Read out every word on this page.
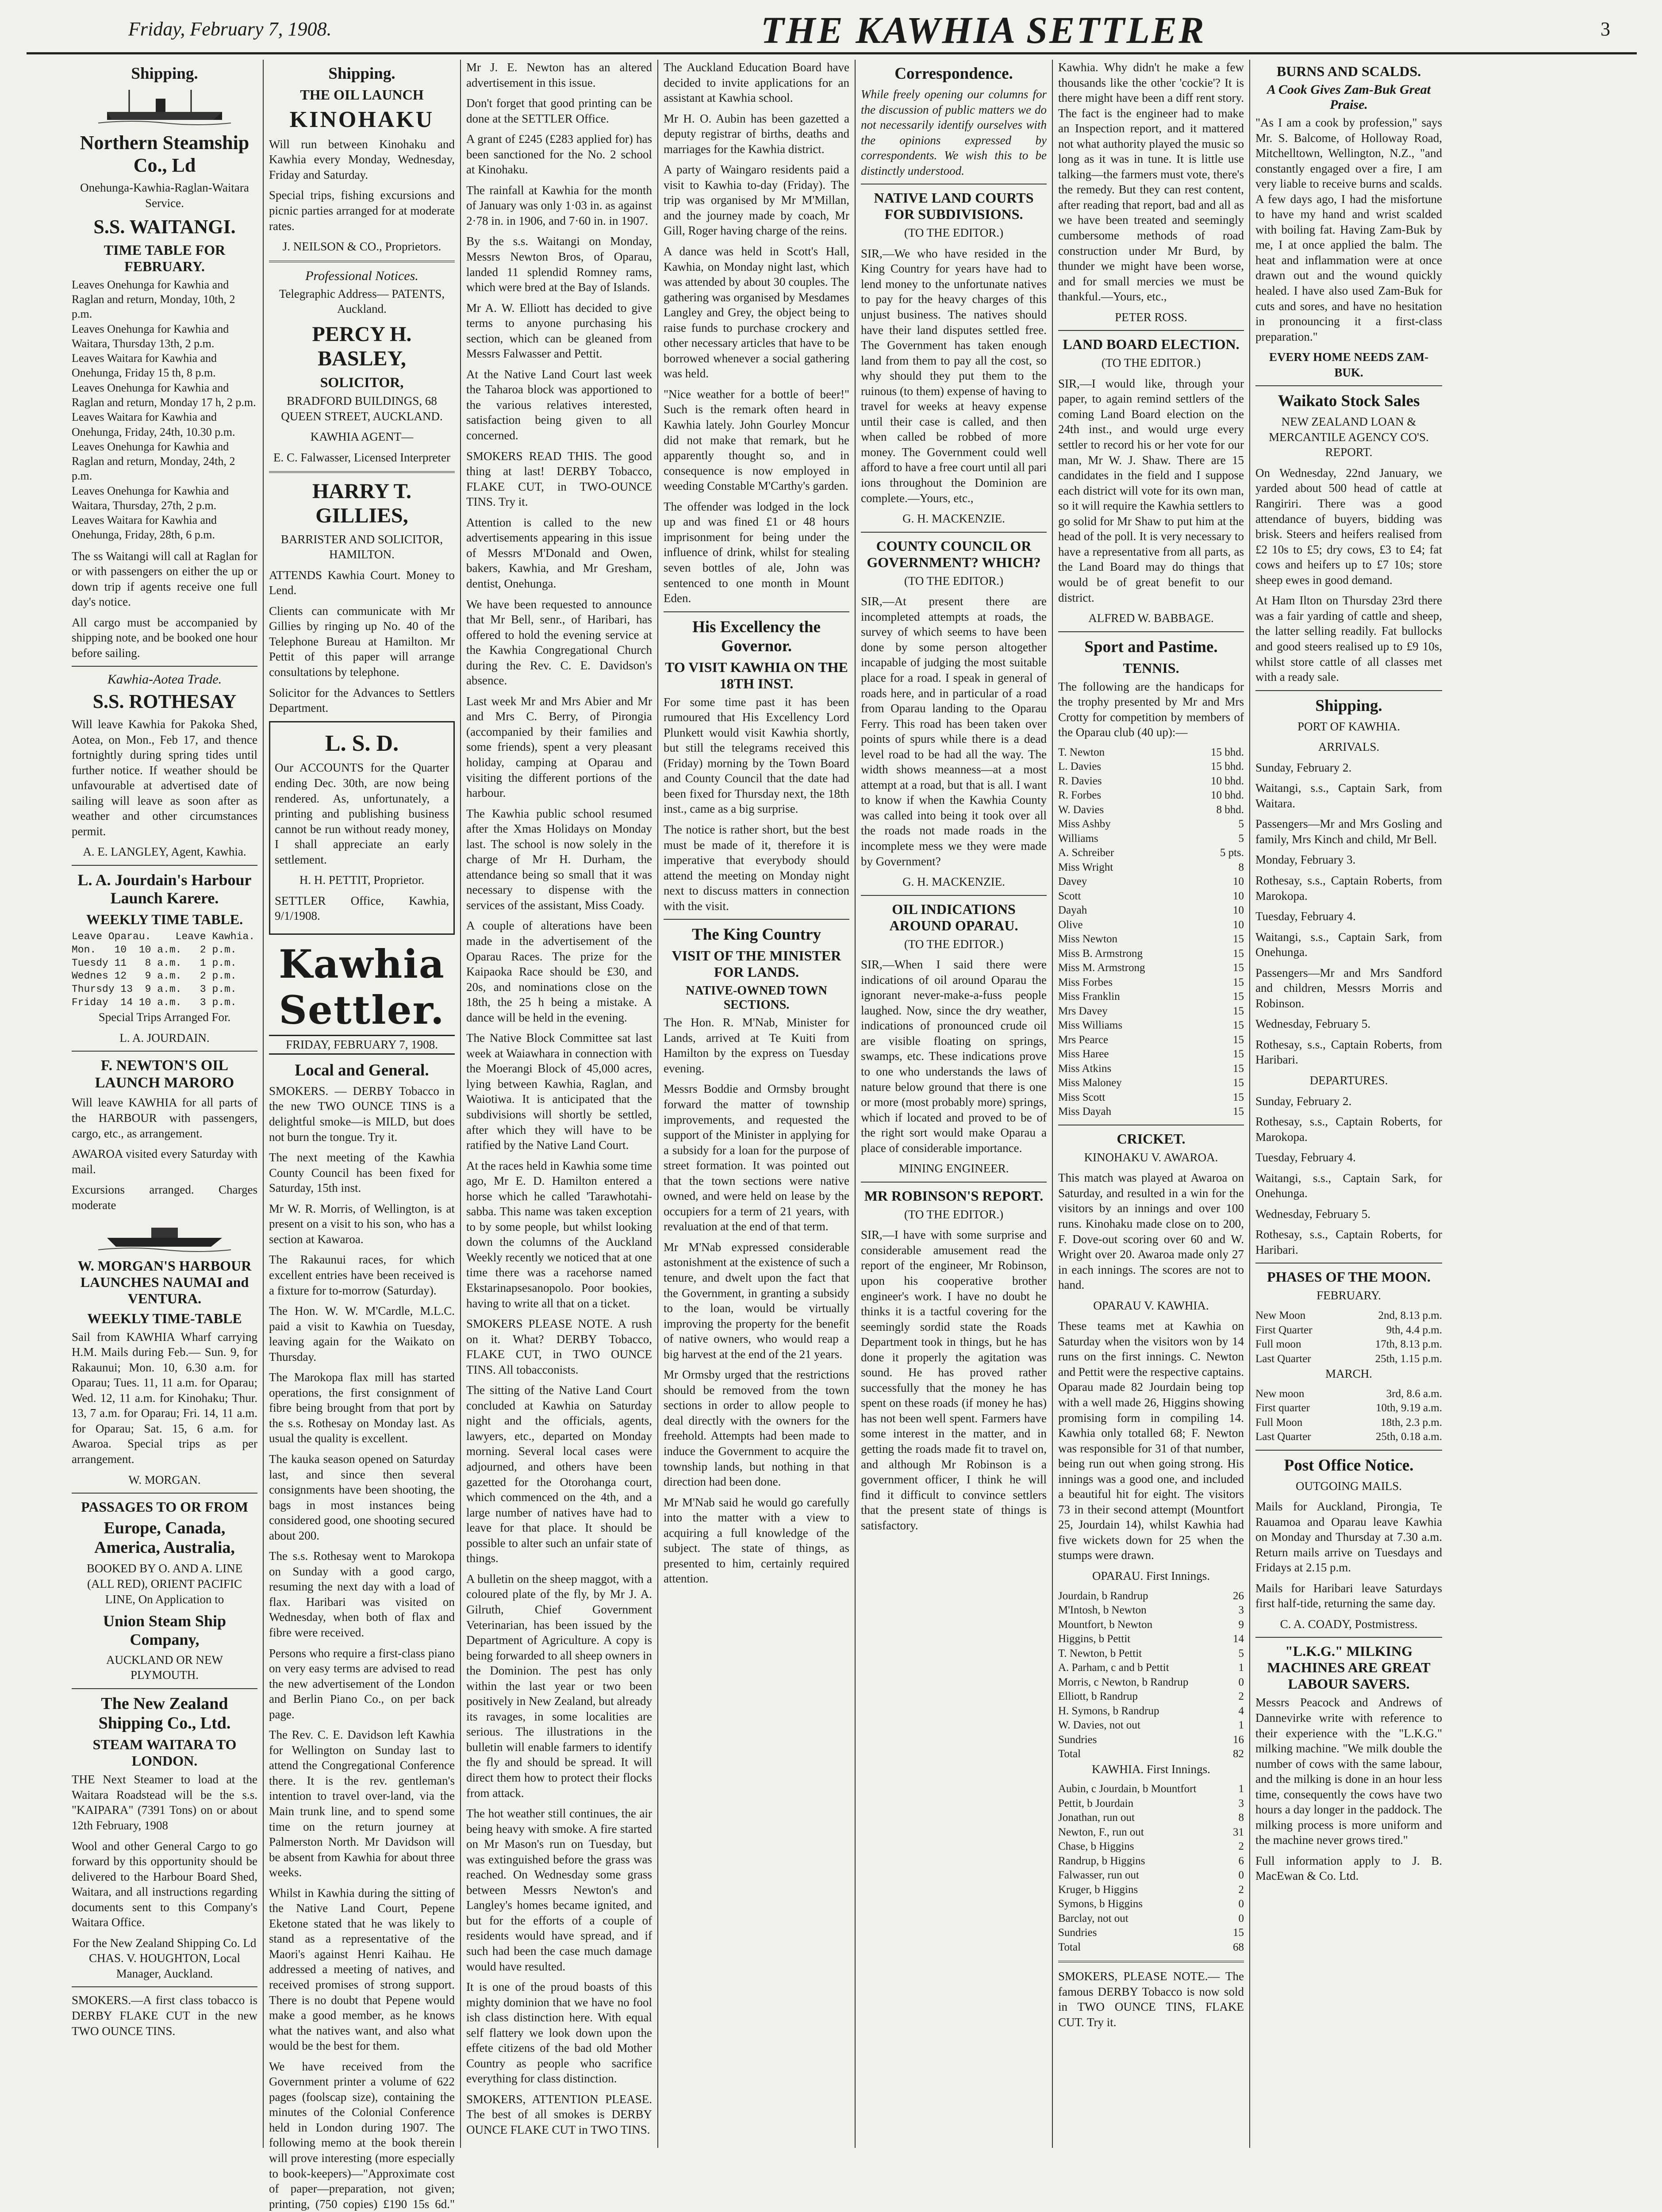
Friday, February 7, 1908.	THE KAWHIA SETTLER	3
Shipping.
Northern Steamship Co., Ld

Onehunga-Kawhia-Raglan-Waitara Service.

S.S. WAITANGI.
TIME TABLE FOR FEBRUARY.
Leaves Onehunga for Kawhia and Raglan and return, Monday, 10th, 2 p.m.
Leaves Onehunga for Kawhia and Waitara, Thursday 13th, 2 p.m.
Leaves Waitara for Kawhia and Onehunga, Friday 15 th, 8 p.m.
Leaves Onehunga for Kawhia and Raglan and return, Monday 17 h, 2 p.m.
Leaves Waitara for Kawhia and Onehunga, Friday, 24th, 10.30 p.m.
Leaves Onehunga for Kawhia and Raglan and return, Monday, 24th, 2 p.m.
Leaves Onehunga for Kawhia and Waitara, Thursday, 27th, 2 p.m.
Leaves Waitara for Kawhia and Onehunga, Friday, 28th, 6 p.m.

The ss Waitangi will call at Raglan for or with passengers on either the up or down trip if agents receive one full day's notice.

All cargo must be accompanied by shipping note, and be booked one hour before sailing.

Kawhia-Aotea Trade.
S.S. ROTHESAY

Will leave Kawhia for Pakoka Shed, Aotea, on Mon., Feb 17, and thence fortnightly during spring tides until further notice. If weather should be unfavourable at advertised date of sailing will leave as soon after as weather and other circumstances permit.

A. E. LANGLEY, Agent, Kawhia.

L. A. Jourdain's Harbour Launch Karere.
WEEKLY TIME TABLE.
Leave Oparau.    Leave Kawhia.
Mon.   10  10 a.m.   2 p.m.
Tuesdy 11   8 a.m.   1 p.m.
Wednes 12   9 a.m.   2 p.m.
Thursdy 13  9 a.m.   3 p.m.
Friday  14 10 a.m.   3 p.m.

Special Trips Arranged For.

L. A. JOURDAIN.

F. NEWTON'S OIL LAUNCH MARORO

Will leave KAWHIA for all parts of the HARBOUR with passengers, cargo, etc., as arrangement.

AWAROA visited every Saturday with mail.

Excursions arranged. Charges moderate

W. MORGAN'S HARBOUR LAUNCHES NAUMAI and VENTURA.
WEEKLY TIME-TABLE

Sail from KAWHIA Wharf carrying H.M. Mails during Feb.— Sun. 9, for Rakaunui; Mon. 10, 6.30 a.m. for Oparau; Tues. 11, 11 a.m. for Oparau; Wed. 12, 11 a.m. for Kinohaku; Thur. 13, 7 a.m. for Oparau; Fri. 14, 11 a.m. for Oparau; Sat. 15, 6 a.m. for Awaroa. Special trips as per arrangement.

W. MORGAN.

PASSAGES TO OR FROM
Europe, Canada, America, Australia,

BOOKED BY O. AND A. LINE (ALL RED), ORIENT PACIFIC LINE, On Application to

Union Steam Ship Company,

AUCKLAND OR NEW PLYMOUTH.

The New Zealand Shipping Co., Ltd.
STEAM WAITARA TO LONDON.

THE Next Steamer to load at the Waitara Roadstead will be the s.s. "KAIPARA" (7391 Tons) on or about 12th February, 1908

Wool and other General Cargo to go forward by this opportunity should be delivered to the Harbour Board Shed, Waitara, and all instructions regarding documents sent to this Company's Waitara Office.

For the New Zealand Shipping Co. Ld CHAS. V. HOUGHTON, Local Manager, Auckland.

SMOKERS.—A first class tobacco is DERBY FLAKE CUT in the new TWO OUNCE TINS.

Shipping.
THE OIL LAUNCH
KINOHAKU

Will run between Kinohaku and Kawhia every Monday, Wednesday, Friday and Saturday.

Special trips, fishing excursions and picnic parties arranged for at moderate rates.

J. NEILSON & CO., Proprietors.

Professional Notices.

Telegraphic Address— PATENTS, Auckland.

PERCY H. BASLEY,
SOLICITOR,

BRADFORD BUILDINGS, 68 QUEEN STREET, AUCKLAND.

KAWHIA AGENT—

E. C. Falwasser, Licensed Interpreter

HARRY T. GILLIES,

BARRISTER AND SOLICITOR, HAMILTON.

ATTENDS Kawhia Court. Money to Lend.

Clients can communicate with Mr Gillies by ringing up No. 40 of the Telephone Bureau at Hamilton. Mr Pettit of this paper will arrange consultations by telephone.

Solicitor for the Advances to Settlers Department.

L. S. D.

Our ACCOUNTS for the Quarter ending Dec. 30th, are now being rendered. As, unfortunately, a printing and publishing business cannot be run without ready money, I shall appreciate an early settlement.

H. H. PETTIT, Proprietor.

SETTLER Office, Kawhia, 9/1/1908.

Kawhia Settler.
FRIDAY, FEBRUARY 7, 1908.
Local and General.

SMOKERS. — DERBY Tobacco in the new TWO OUNCE TINS is a delightful smoke—is MILD, but does not burn the tongue. Try it.

The next meeting of the Kawhia County Council has been fixed for Saturday, 15th inst.

Mr W. R. Morris, of Wellington, is at present on a visit to his son, who has a section at Kawaroa.

The Rakaunui races, for which excellent entries have been received is a fixture for to-morrow (Saturday).

The Hon. W. W. M'Cardle, M.L.C. paid a visit to Kawhia on Tuesday, leaving again for the Waikato on Thursday.

The Marokopa flax mill has started operations, the first consignment of fibre being brought from that port by the s.s. Rothesay on Monday last. As usual the quality is excellent.

The kauka season opened on Saturday last, and since then several consignments have been shooting, the bags in most instances being considered good, one shooting secured about 200.

The s.s. Rothesay went to Marokopa on Sunday with a good cargo, resuming the next day with a load of flax. Haribari was visited on Wednesday, when both of flax and fibre were received.

Persons who require a first-class piano on very easy terms are advised to read the new advertisement of the London and Berlin Piano Co., on per back page.

The Rev. C. E. Davidson left Kawhia for Wellington on Sunday last to attend the Congregational Conference there. It is the rev. gentleman's intention to travel over-land, via the Main trunk line, and to spend some time on the return journey at Palmerston North. Mr Davidson will be absent from Kawhia for about three weeks.

Whilst in Kawhia during the sitting of the Native Land Court, Pepene Eketone stated that he was likely to stand as a representative of the Maori's against Henri Kaihau. He addressed a meeting of natives, and received promises of strong support. There is no doubt that Pepene would make a good member, as he knows what the natives want, and also what would be the best for them.

We have received from the Government printer a volume of 622 pages (foolscap size), containing the minutes of the Colonial Conference held in London during 1907. The following memo at the book therein will prove interesting (more especially to book-keepers)—"Approximate cost of paper—preparation, not given; printing, (750 copies) £190 15s 6d."

Mr J. E. Newton has an altered advertisement in this issue.

Don't forget that good printing can be done at the SETTLER Office.

A grant of £245 (£283 applied for) has been sanctioned for the No. 2 school at Kinohaku.

The rainfall at Kawhia for the month of January was only 1·03 in. as against 2·78 in. in 1906, and 7·60 in. in 1907.

By the s.s. Waitangi on Monday, Messrs Newton Bros, of Oparau, landed 11 splendid Romney rams, which were bred at the Bay of Islands.

Mr A. W. Elliott has decided to give terms to anyone purchasing his section, which can be gleaned from Messrs Falwasser and Pettit.

At the Native Land Court last week the Taharoa block was apportioned to the various relatives interested, satisfaction being given to all concerned.

SMOKERS READ THIS. The good thing at last! DERBY Tobacco, FLAKE CUT, in TWO-OUNCE TINS. Try it.

Attention is called to the new advertisements appearing in this issue of Messrs M'Donald and Owen, bakers, Kawhia, and Mr Gresham, dentist, Onehunga.

We have been requested to announce that Mr Bell, senr., of Haribari, has offered to hold the evening service at the Kawhia Congregational Church during the Rev. C. E. Davidson's absence.

Last week Mr and Mrs Abier and Mr and Mrs C. Berry, of Pirongia (accompanied by their families and some friends), spent a very pleasant holiday, camping at Oparau and visiting the different portions of the harbour.

The Kawhia public school resumed after the Xmas Holidays on Monday last. The school is now solely in the charge of Mr H. Durham, the attendance being so small that it was necessary to dispense with the services of the assistant, Miss Coady.

A couple of alterations have been made in the advertisement of the Oparau Races. The prize for the Kaipaoka Race should be £30, and 20s, and nominations close on the 18th, the 25 h being a mistake. A dance will be held in the evening.

The Native Block Committee sat last week at Waiawhara in connection with the Moerangi Block of 45,000 acres, lying between Kawhia, Raglan, and Waiotiwa. It is anticipated that the subdivisions will shortly be settled, after which they will have to be ratified by the Native Land Court.

At the races held in Kawhia some time ago, Mr E. D. Hamilton entered a horse which he called 'Tarawhotahi-sabba. This name was taken exception to by some people, but whilst looking down the columns of the Auckland Weekly recently we noticed that at one time there was a racehorse named Ekstarinapsesanopolo. Poor bookies, having to write all that on a ticket.

SMOKERS PLEASE NOTE. A rush on it. What? DERBY Tobacco, FLAKE CUT, in TWO OUNCE TINS. All tobacconists.

The sitting of the Native Land Court concluded at Kawhia on Saturday night and the officials, agents, lawyers, etc., departed on Monday morning. Several local cases were adjourned, and others have been gazetted for the Otorohanga court, which commenced on the 4th, and a large number of natives have had to leave for that place. It should be possible to alter such an unfair state of things.

A bulletin on the sheep maggot, with a coloured plate of the fly, by Mr J. A. Gilruth, Chief Government Veterinarian, has been issued by the Department of Agriculture. A copy is being forwarded to all sheep owners in the Dominion. The pest has only within the last year or two been positively in New Zealand, but already its ravages, in some localities are serious. The illustrations in the bulletin will enable farmers to identify the fly and should be spread. It will direct them how to protect their flocks from attack.

The hot weather still continues, the air being heavy with smoke. A fire started on Mr Mason's run on Tuesday, but was extinguished before the grass was reached. On Wednesday some grass between Messrs Newton's and Langley's homes became ignited, and but for the efforts of a couple of residents would have spread, and if such had been the case much damage would have resulted.

It is one of the proud boasts of this mighty dominion that we have no fool ish class distinction here. With equal self flattery we look down upon the effete citizens of the bad old Mother Country as people who sacrifice everything for class distinction.

SMOKERS, ATTENTION PLEASE. The best of all smokes is DERBY OUNCE FLAKE CUT in TWO TINS.

The Auckland Education Board have decided to invite applications for an assistant at Kawhia school.

Mr H. O. Aubin has been gazetted a deputy registrar of births, deaths and marriages for the Kawhia district.

A party of Waingaro residents paid a visit to Kawhia to-day (Friday). The trip was organised by Mr M'Millan, and the journey made by coach, Mr Gill, Roger having charge of the reins.

A dance was held in Scott's Hall, Kawhia, on Monday night last, which was attended by about 30 couples. The gathering was organised by Mesdames Langley and Grey, the object being to raise funds to purchase crockery and other necessary articles that have to be borrowed whenever a social gathering was held.

"Nice weather for a bottle of beer!" Such is the remark often heard in Kawhia lately. John Gourley Moncur did not make that remark, but he apparently thought so, and in consequence is now employed in weeding Constable M'Carthy's garden.

The offender was lodged in the lock up and was fined £1 or 48 hours imprisonment for being under the influence of drink, whilst for stealing seven bottles of ale, John was sentenced to one month in Mount Eden.

His Excellency the Governor.
TO VISIT KAWHIA ON THE 18TH INST.

For some time past it has been rumoured that His Excellency Lord Plunkett would visit Kawhia shortly, but still the telegrams received this (Friday) morning by the Town Board and County Council that the date had been fixed for Thursday next, the 18th inst., came as a big surprise.

The notice is rather short, but the best must be made of it, therefore it is imperative that everybody should attend the meeting on Monday night next to discuss matters in connection with the visit.

The King Country
VISIT OF THE MINISTER FOR LANDS.
NATIVE-OWNED TOWN SECTIONS.

The Hon. R. M'Nab, Minister for Lands, arrived at Te Kuiti from Hamilton by the express on Tuesday evening.

Messrs Boddie and Ormsby brought forward the matter of township improvements, and requested the support of the Minister in applying for a subsidy for a loan for the purpose of street formation. It was pointed out that the town sections were native owned, and were held on lease by the occupiers for a term of 21 years, with revaluation at the end of that term.

Mr M'Nab expressed considerable astonishment at the existence of such a tenure, and dwelt upon the fact that the Government, in granting a subsidy to the loan, would be virtually improving the property for the benefit of native owners, who would reap a big harvest at the end of the 21 years.

Mr Ormsby urged that the restrictions should be removed from the town sections in order to allow people to deal directly with the owners for the freehold. Attempts had been made to induce the Government to acquire the township lands, but nothing in that direction had been done.

Mr M'Nab said he would go carefully into the matter with a view to acquiring a full knowledge of the subject. The state of things, as presented to him, certainly required attention.

Correspondence.

While freely opening our columns for the discussion of public matters we do not necessarily identify ourselves with the opinions expressed by correspondents. We wish this to be distinctly understood.

NATIVE LAND COURTS FOR SUBDIVISIONS.

(TO THE EDITOR.)

SIR,—We who have resided in the King Country for years have had to lend money to the unfortunate natives to pay for the heavy charges of this unjust business. The natives should have their land disputes settled free. The Government has taken enough land from them to pay all the cost, so why should they put them to the ruinous (to them) expense of having to travel for weeks at heavy expense until their case is called, and then when called be robbed of more money. The Government could well afford to have a free court until all pari ions throughout the Dominion are complete.—Yours, etc.,

G. H. MACKENZIE.

COUNTY COUNCIL OR GOVERNMENT? WHICH?

(TO THE EDITOR.)

SIR,—At present there are incompleted attempts at roads, the survey of which seems to have been done by some person altogether incapable of judging the most suitable place for a road. I speak in general of roads here, and in particular of a road from Oparau landing to the Oparau Ferry. This road has been taken over points of spurs while there is a dead level road to be had all the way. The width shows meanness—at a most attempt at a road, but that is all. I want to know if when the Kawhia County was called into being it took over all the roads not made roads in the incomplete mess we they were made by Government?

G. H. MACKENZIE.

OIL INDICATIONS AROUND OPARAU.

(TO THE EDITOR.)

SIR,—When I said there were indications of oil around Oparau the ignorant never-make-a-fuss people laughed. Now, since the dry weather, indications of pronounced crude oil are visible floating on springs, swamps, etc. These indications prove to one who understands the laws of nature below ground that there is one or more (most probably more) springs, which if located and proved to be of the right sort would make Oparau a place of considerable importance.

MINING ENGINEER.

MR ROBINSON'S REPORT.

(TO THE EDITOR.)

SIR,—I have with some surprise and considerable amusement read the report of the engineer, Mr Robinson, upon his cooperative brother engineer's work. I have no doubt he thinks it is a tactful covering for the seemingly sordid state the Roads Department took in things, but he has done it properly the agitation was sound. He has proved rather successfully that the money he has spent on these roads (if money he has) has not been well spent. Farmers have some interest in the matter, and in getting the roads made fit to travel on, and although Mr Robinson is a government officer, I think he will find it difficult to convince settlers that the present state of things is satisfactory.

Kawhia. Why didn't he make a few thousands like the other 'cockie'? It is there might have been a diff rent story. The fact is the engineer had to make an Inspection report, and it mattered not what authority played the music so long as it was in tune. It is little use talking—the farmers must vote, there's the remedy. But they can rest content, after reading that report, bad and all as we have been treated and seemingly cumbersome methods of road construction under Mr Burd, by thunder we might have been worse, and for small mercies we must be thankful.—Yours, etc.,

PETER ROSS.

LAND BOARD ELECTION.

(TO THE EDITOR.)

SIR,—I would like, through your paper, to again remind settlers of the coming Land Board election on the 24th inst., and would urge every settler to record his or her vote for our man, Mr W. J. Shaw. There are 15 candidates in the field and I suppose each district will vote for its own man, so it will require the Kawhia settlers to go solid for Mr Shaw to put him at the head of the poll. It is very necessary to have a representative from all parts, as the Land Board may do things that would be of great benefit to our district.

ALFRED W. BABBAGE.

Sport and Pastime.
TENNIS.

The following are the handicaps for the trophy presented by Mr and Mrs Crotty for competition by members of the Oparau club (40 up):—

T. Newton	15 bhd.
L. Davies	15 bhd.
R. Davies	10 bhd.
R. Forbes	10 bhd.
W. Davies	8 bhd.
Miss Ashby	5
Williams	5
A. Schreiber	5 pts.
Miss Wright	8
Davey	10
Scott	10
Dayah	10
Olive	10
Miss Newton	15
Miss B. Armstrong	15
Miss M. Armstrong	15
Miss Forbes	15
Miss Franklin	15
Mrs Davey	15
Miss Williams	15
Mrs Pearce	15
Miss Haree	15
Miss Atkins	15
Miss Maloney	15
Miss Scott	15
Miss Dayah	15
CRICKET.

KINOHAKU V. AWAROA.

This match was played at Awaroa on Saturday, and resulted in a win for the visitors by an innings and over 100 runs. Kinohaku made close on to 200, F. Dove-out scoring over 60 and W. Wright over 20. Awaroa made only 27 in each innings. The scores are not to hand.

OPARAU V. KAWHIA.

These teams met at Kawhia on Saturday when the visitors won by 14 runs on the first innings. C. Newton and Pettit were the respective captains. Oparau made 82 Jourdain being top with a well made 26, Higgins showing promising form in compiling 14. Kawhia only totalled 68; F. Newton was responsible for 31 of that number, being run out when going strong. His innings was a good one, and included a beautiful hit for eight. The visitors 73 in their second attempt (Mountfort 25, Jourdain 14), whilst Kawhia had five wickets down for 25 when the stumps were drawn.

OPARAU. First Innings.

Jourdain, b Randrup	26
M'Intosh, b Newton	3
Mountfort, b Newton	9
Higgins, b Pettit	14
T. Newton, b Pettit	5
A. Parham, c and b Pettit	1
Morris, c Newton, b Randrup	0
Elliott, b Randrup	2
H. Symons, b Randrup	4
W. Davies, not out	1
Sundries	16
Total	82

KAWHIA. First Innings.

Aubin, c Jourdain, b Mountfort	1
Pettit, b Jourdain	3
Jonathan, run out	8
Newton, F., run out	31
Chase, b Higgins	2
Randrup, b Higgins	6
Falwasser, run out	0
Kruger, b Higgins	2
Symons, b Higgins	0
Barclay, not out	0
Sundries	15
Total	68

SMOKERS, PLEASE NOTE.— The famous DERBY Tobacco is now sold in TWO OUNCE TINS, FLAKE CUT. Try it.

BURNS AND SCALDS.
A Cook Gives Zam-Buk Great Praise.

"As I am a cook by profession," says Mr. S. Balcome, of Holloway Road, Mitchelltown, Wellington, N.Z., "and constantly engaged over a fire, I am very liable to receive burns and scalds. A few days ago, I had the misfortune to have my hand and wrist scalded with boiling fat. Having Zam-Buk by me, I at once applied the balm. The heat and inflammation were at once drawn out and the wound quickly healed. I have also used Zam-Buk for cuts and sores, and have no hesitation in pronouncing it a first-class preparation."

EVERY HOME NEEDS ZAM-BUK.

Waikato Stock Sales

NEW ZEALAND LOAN & MERCANTILE AGENCY CO'S. REPORT.

On Wednesday, 22nd January, we yarded about 500 head of cattle at Rangiriri. There was a good attendance of buyers, bidding was brisk. Steers and heifers realised from £2 10s to £5; dry cows, £3 to £4; fat cows and heifers up to £7 10s; store sheep ewes in good demand.

At Ham Ilton on Thursday 23rd there was a fair yarding of cattle and sheep, the latter selling readily. Fat bullocks and good steers realised up to £9 10s, whilst store cattle of all classes met with a ready sale.

Shipping.

PORT OF KAWHIA.

ARRIVALS.

Sunday, February 2.

Waitangi, s.s., Captain Sark, from Waitara.

Passengers—Mr and Mrs Gosling and family, Mrs Kinch and child, Mr Bell.

Monday, February 3.

Rothesay, s.s., Captain Roberts, from Marokopa.

Tuesday, February 4.

Waitangi, s.s., Captain Sark, from Onehunga.

Passengers—Mr and Mrs Sandford and children, Messrs Morris and Robinson.

Wednesday, February 5.

Rothesay, s.s., Captain Roberts, from Haribari.

DEPARTURES.

Sunday, February 2.

Rothesay, s.s., Captain Roberts, for Marokopa.

Tuesday, February 4.

Waitangi, s.s., Captain Sark, for Onehunga.

Wednesday, February 5.

Rothesay, s.s., Captain Roberts, for Haribari.

PHASES OF THE MOON.

FEBRUARY.

New Moon	2nd, 8.13 p.m.
First Quarter	9th, 4.4 p.m.
Full moon	17th, 8.13 p.m.
Last Quarter	25th, 1.15 p.m.

MARCH.

New moon	3rd, 8.6 a.m.
First quarter	10th, 9.19 a.m.
Full Moon	18th, 2.3 p.m.
Last Quarter	25th, 0.18 a.m.
Post Office Notice.

OUTGOING MAILS.

Mails for Auckland, Pirongia, Te Rauamoa and Oparau leave Kawhia on Monday and Thursday at 7.30 a.m. Return mails arrive on Tuesdays and Fridays at 2.15 p.m.

Mails for Haribari leave Saturdays first half-tide, returning the same day.

C. A. COADY, Postmistress.

"L.K.G." MILKING MACHINES ARE GREAT LABOUR SAVERS.

Messrs Peacock and Andrews of Dannevirke write with reference to their experience with the "L.K.G." milking machine. "We milk double the number of cows with the same labour, and the milking is done in an hour less time, consequently the cows have two hours a day longer in the paddock. The milking process is more uniform and the machine never grows tired."

Full information apply to J. B. MacEwan & Co. Ltd.
